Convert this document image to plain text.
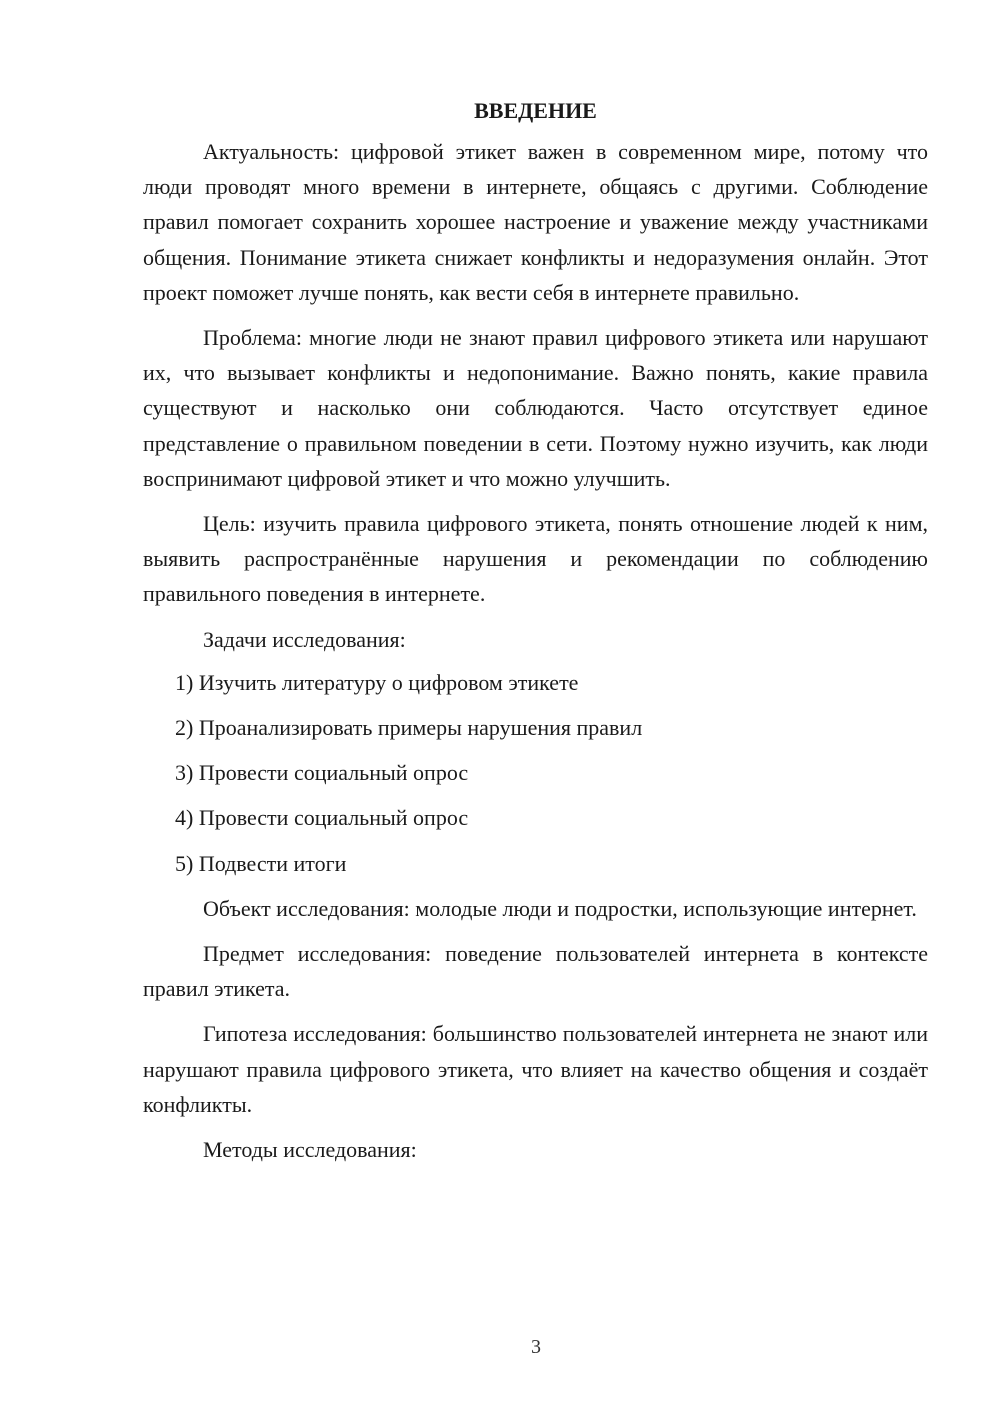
ВВЕДЕНИЕ

Актуальность: цифровой этикет важен в современном мире, потому что люди проводят много времени в интернете, общаясь с другими. Соблюдение правил помогает сохранить хорошее настроение и уважение между участниками общения. Понимание этикета снижает конфликты и недоразумения онлайн. Этот проект поможет лучше понять, как вести себя в интернете правильно.

Проблема: многие люди не знают правил цифрового этикета или нарушают их, что вызывает конфликты и недопонимание. Важно понять, какие правила существуют и насколько они соблюдаются. Часто отсутствует единое представление о правильном поведении в сети. Поэтому нужно изучить, как люди воспринимают цифровой этикет и что можно улучшить.

Цель: изучить правила цифрового этикета, понять отношение людей к ним, выявить распространённые нарушения и рекомендации по соблюдению правильного поведения в интернете.

Задачи исследования:

1) Изучить литературу о цифровом этикете

2) Проанализировать примеры нарушения правил

3) Провести социальный опрос

4) Провести социальный опрос

5) Подвести итоги

Объект исследования: молодые люди и подростки, использующие интернет.

Предмет исследования: поведение пользователей интернета в контексте правил этикета.

Гипотеза исследования: большинство пользователей интернета не знают или нарушают правила цифрового этикета, что влияет на качество общения и создаёт конфликты.

Методы исследования:

3
